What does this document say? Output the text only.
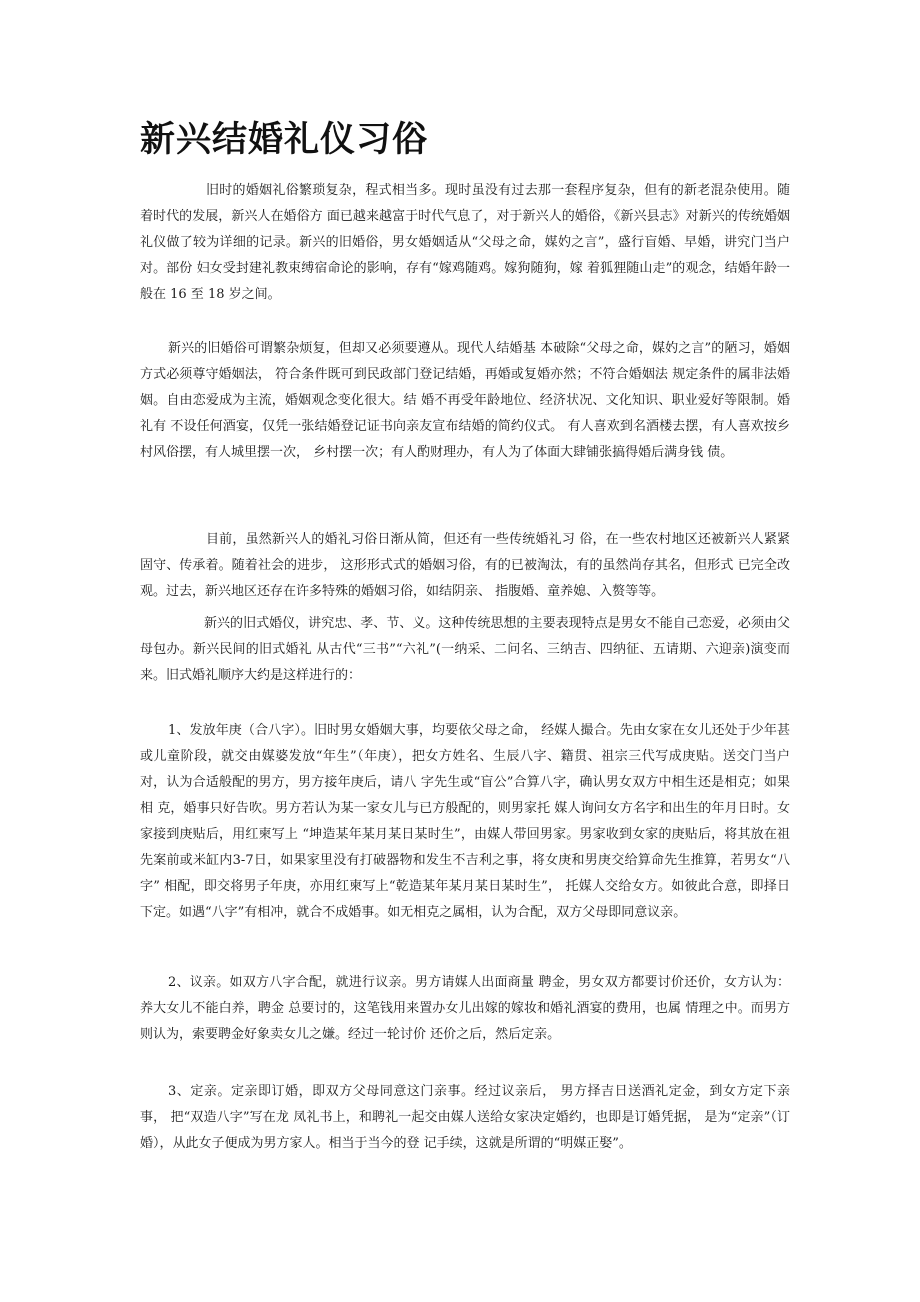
新兴结婚礼仪习俗

旧时的婚姻礼俗繁琐复杂，程式相当多。现时虽没有过去那一套程序复杂，但有的新老混杂使用。随着时代的发展，新兴人在婚俗方 面已越来越富于时代气息了，对于新兴人的婚俗，《新兴县志》对新兴的传统婚姻礼仪做了较为详细的记录。新兴的旧婚俗，男女婚姻适从“父母之命，媒妁之言”，盛行盲婚、早婚，讲究门当户对。部份 妇女受封建礼教束缚宿命论的影响，存有“嫁鸡随鸡。嫁狗随狗，嫁 着狐狸随山走”的观念，结婚年龄一般在 16 至 18 岁之间。

新兴的旧婚俗可谓繁杂烦复，但却又必须要遵从。现代人结婚基 本破除“父母之命，媒妁之言”的陋习，婚姻方式必须尊守婚姻法， 符合条件既可到民政部门登记结婚，再婚或复婚亦然；不符合婚姻法 规定条件的属非法婚姻。自由恋爱成为主流，婚姻观念变化很大。结 婚不再受年龄地位、经济状况、文化知识、职业爱好等限制。婚礼有 不设任何酒宴，仅凭一张结婚登记证书向亲友宣布结婚的简约仪式。 有人喜欢到名酒楼去摆，有人喜欢按乡村风俗摆，有人城里摆一次， 乡村摆一次；有人酌财理办，有人为了体面大肆铺张搞得婚后满身钱 债。

目前，虽然新兴人的婚礼习俗日渐从简，但还有一些传统婚礼习 俗，在一些农村地区还被新兴人紧紧固守、传承着。随着社会的进步， 这形形式式的婚姻习俗，有的已被淘汰，有的虽然尚存其名，但形式 已完全改观。过去，新兴地区还存在许多特殊的婚姻习俗，如结阴亲、 指腹婚、童养媳、入赘等等。

新兴的旧式婚仪，讲究忠、孝、节、义。这种传统思想的主要表现特点是男女不能自己恋爱，必须由父母包办。新兴民间的旧式婚礼 从古代“三书”“六礼”(一纳采、二问名、三纳吉、四纳征、五请期、六迎亲)演变而来。旧式婚礼顺序大约是这样进行的：

1、发放年庚（合八字）。旧时男女婚姻大事，均要依父母之命， 经媒人撮合。先由女家在女儿还处于少年甚或儿童阶段，就交由媒婆发放“年生”（年庚），把女方姓名、生辰八字、籍贯、祖宗三代写成庚贴。送交门当户对，认为合适般配的男方，男方接年庚后，请八 字先生或“盲公”合算八字，确认男女双方中相生还是相克；如果相 克，婚事只好告吹。男方若认为某一家女儿与已方般配的，则男家托 媒人询问女方名字和出生的年月日时。女家接到庚贴后，用红柬写上 “坤造某年某月某日某时生”，由媒人带回男家。男家收到女家的庚贴后，将其放在祖先案前或米缸内3-7日，如果家里没有打破器物和发生不吉利之事，将女庚和男庚交给算命先生推算，若男女“八字” 相配，即交将男子年庚，亦用红柬写上“乾造某年某月某日某时生”， 托媒人交给女方。如彼此合意，即择日下定。如遇“八字”有相冲，就合不成婚事。如无相克之属相，认为合配，双方父母即同意议亲。

2、议亲。如双方八字合配，就进行议亲。男方请媒人出面商量 聘金，男女双方都要讨价还价，女方认为：养大女儿不能白养，聘金 总要讨的，这笔钱用来置办女儿出嫁的嫁妆和婚礼酒宴的费用，也属 情理之中。而男方则认为，索要聘金好象卖女儿之嫌。经过一轮讨价 还价之后，然后定亲。

3、定亲。定亲即订婚，即双方父母同意这门亲事。经过议亲后， 男方择吉日送酒礼定金，到女方定下亲事， 把“双造八字”写在龙 凤礼书上，和聘礼一起交由媒人送给女家决定婚约，也即是订婚凭据， 是为“定亲”（订婚），从此女子便成为男方家人。相当于当今的登 记手续，这就是所谓的“明媒正娶”。
